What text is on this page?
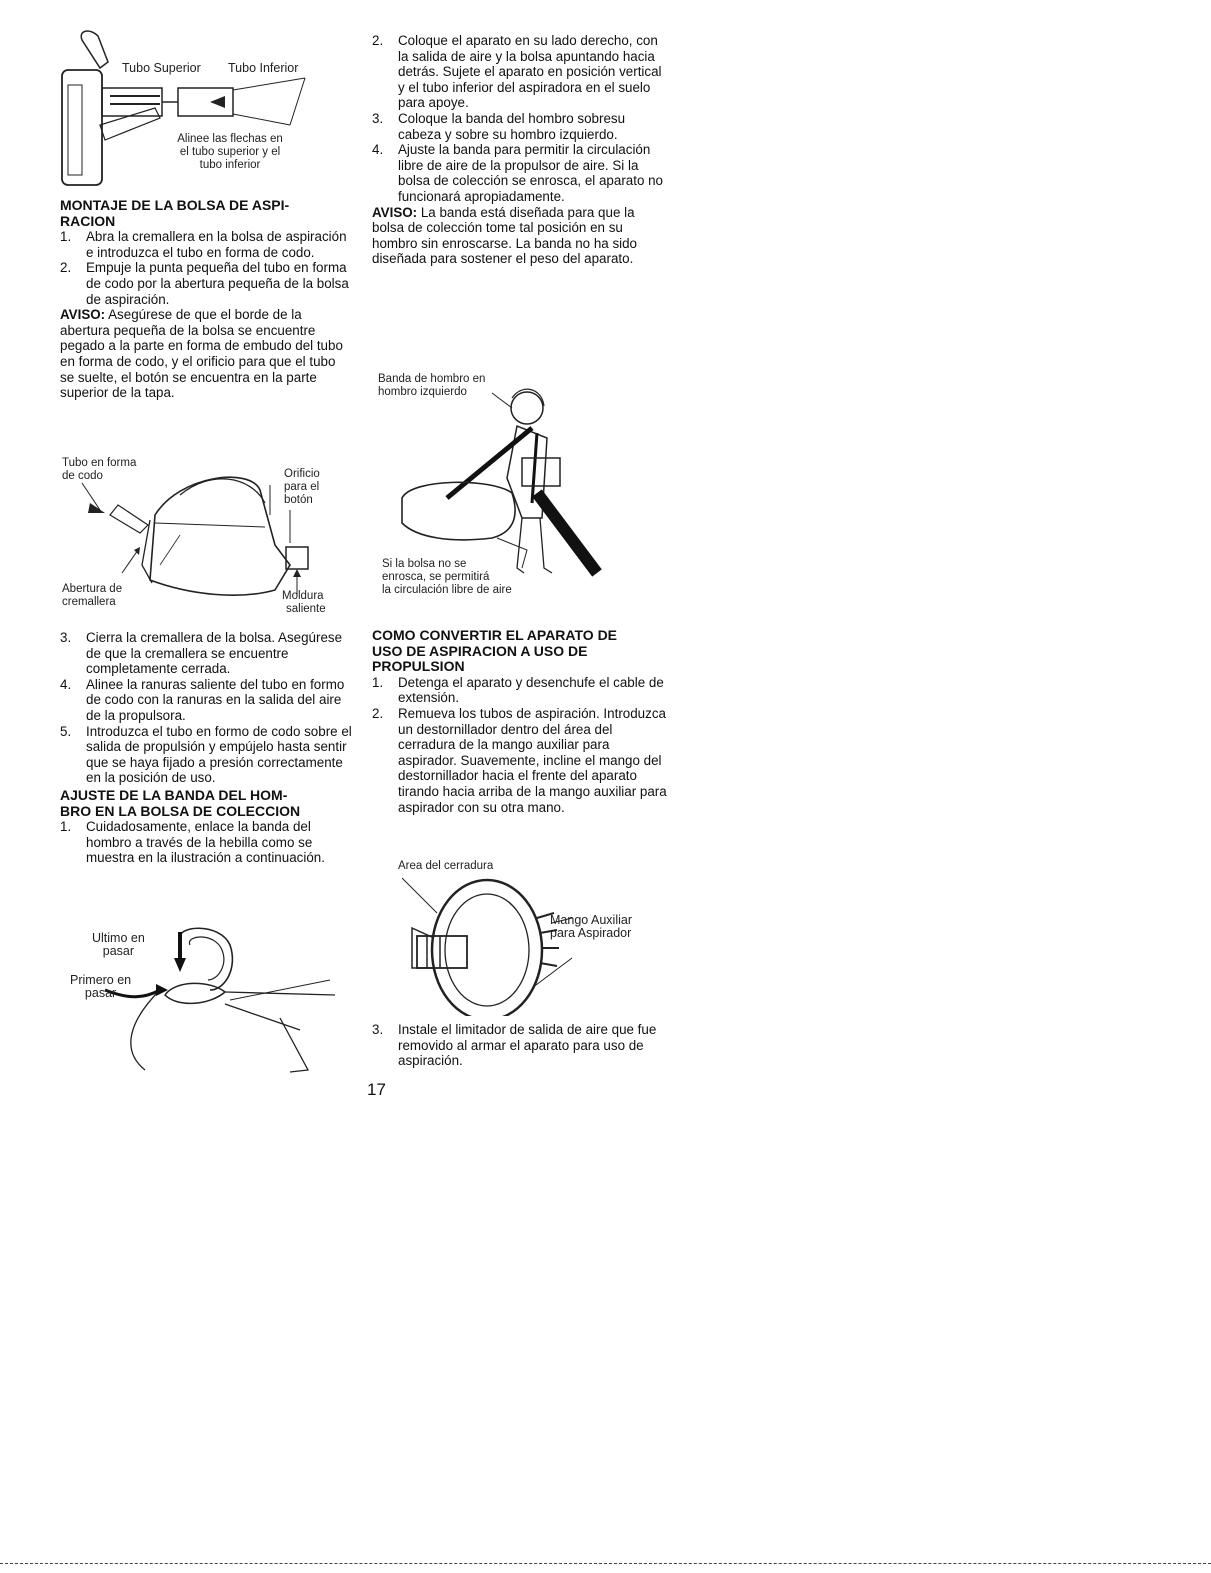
Tubo Superior Tubo Inferior
Alinee las flechas en
el tubo superior y el
tubo inferior
MONTAJE DE LA BOLSA DE ASPI-
RACION
1. Abra la cremallera en la bolsa de aspiración e introduzca el tubo en forma de codo.
2. Empuje la punta pequeña del tubo en forma de codo por la abertura pequeña de la bolsa de aspiración.

AVISO: Asegúrese de que el borde de la abertura pequeña de la bolsa se encuentre pegado a la parte en forma de embudo del tubo en forma de codo, y el orificio para que el tubo se suelte, el botón se encuentra en la parte superior de la tapa.

Tubo en forma
de codo	Orificio
para el
botón
Abertura de
cremallera	Moldura
saliente
3. Cierra la cremallera de la bolsa. Asegúrese de que la cremallera se encuentre completamente cerrada.
4. Alinee la ranuras saliente del tubo en formo de codo con la ranuras en la salida del aire de la propulsora.
5. Introduzca el tubo en formo de codo sobre el salida de propulsión y empújelo hasta sentir que se haya fijado a presión correctamente en la posición de uso.
AJUSTE DE LA BANDA DEL HOM-
BRO EN LA BOLSA DE COLECCION
1. Cuidadosamente, enlace la banda del hombro a través de la hebilla como se muestra en la ilustración a continuación.
Ultimo en
pasar
Primero en
pasar
2. Coloque el aparato en su lado derecho, con la salida de aire y la bolsa apuntando hacia detrás. Sujete el aparato en posición vertical y el tubo inferior del aspiradora en el suelo para apoye.
3. Coloque la banda del hombro sobresu cabeza y sobre su hombro izquierdo.
4. Ajuste la banda para permitir la circulación libre de aire de la propulsor de aire. Si la bolsa de colección se enrosca, el aparato no funcionará apropiadamente.

AVISO: La banda está diseñada para que la bolsa de colección tome tal posición en su hombro sin enroscarse. La banda no ha sido diseñada para sostener el peso del aparato.

Banda de hombro en
hombro izquierdo
Si la bolsa no se
enrosca, se permitirá
la circulación libre de aire
COMO CONVERTIR EL APARATO DE
USO DE ASPIRACION A USO DE
PROPULSION
1. Detenga el aparato y desenchufe el cable de extensión.
2. Remueva los tubos de aspiración. Introduzca un destornillador dentro del área del cerradura de la mango auxiliar para aspirador. Suavemente, incline el mango del destornillador hacia el frente del aparato tirando hacia arriba de la mango auxiliar para aspirador con su otra mano.
Area del cerradura
Mango Auxiliar
para Aspirador
3. Instale el limitador de salida de aire que fue removido al armar el aparato para uso de aspiración.
17
